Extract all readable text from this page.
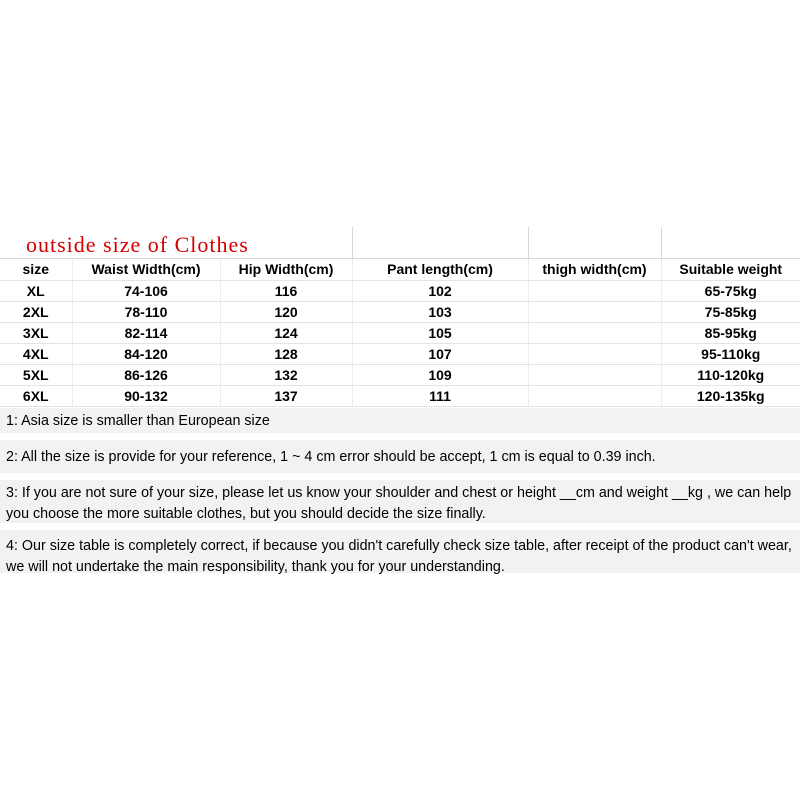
outside size of Clothes
size	Waist Width(cm)	Hip Width(cm)	Pant length(cm)	thigh width(cm)	Suitable weight
XL	74-106	116	102		65-75kg
2XL	78-110	120	103		75-85kg
3XL	82-114	124	105		85-95kg
4XL	84-120	128	107		95-110kg
5XL	86-126	132	109		110-120kg
6XL	90-132	137	111		120-135kg
1: Asia size is smaller than European size
2: All the size is provide for your reference, 1 ~ 4 cm error should be accept, 1 cm is equal to 0.39 inch.
3: If you are not sure of your size, please let us know your shoulder and chest or height __cm and weight __kg , we can help you choose the more suitable clothes, but you should decide the size finally.
4: Our size table is completely correct, if because you didn't carefully check size table, after receipt of the product can't wear, we will not undertake the main responsibility, thank you for your understanding.
